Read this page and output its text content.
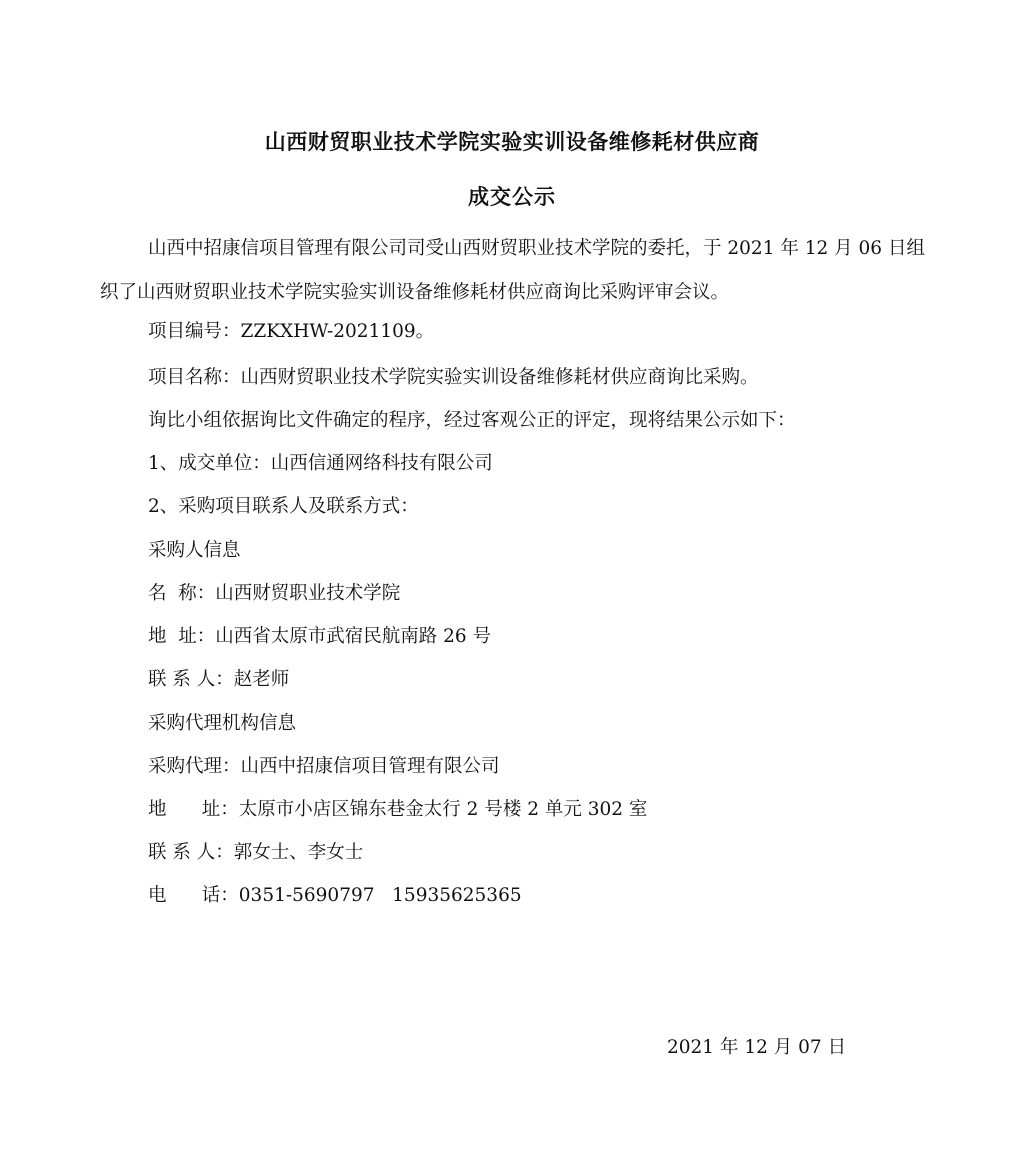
山西财贸职业技术学院实验实训设备维修耗材供应商
成交公示

山西中招康信项目管理有限公司司受山西财贸职业技术学院的委托，于 2021 年 12 月 06 日组织了山西财贸职业技术学院实验实训设备维修耗材供应商询比采购评审会议。

项目编号：ZZKXHW-2021109。
项目名称：山西财贸职业技术学院实验实训设备维修耗材供应商询比采购。
询比小组依据询比文件确定的程序，经过客观公正的评定，现将结果公示如下：
1、成交单位：山西信通网络科技有限公司
2、采购项目联系人及联系方式：
采购人信息
名  称：山西财贸职业技术学院
地  址：山西省太原市武宿民航南路 26 号
联 系 人：赵老师
采购代理机构信息
采购代理：山西中招康信项目管理有限公司
地      址：太原市小店区锦东巷金太行 2 号楼 2 单元 302 室
联 系 人：郭女士、李女士
电      话：0351-5690797   15935625365
2021 年 12 月 07 日
